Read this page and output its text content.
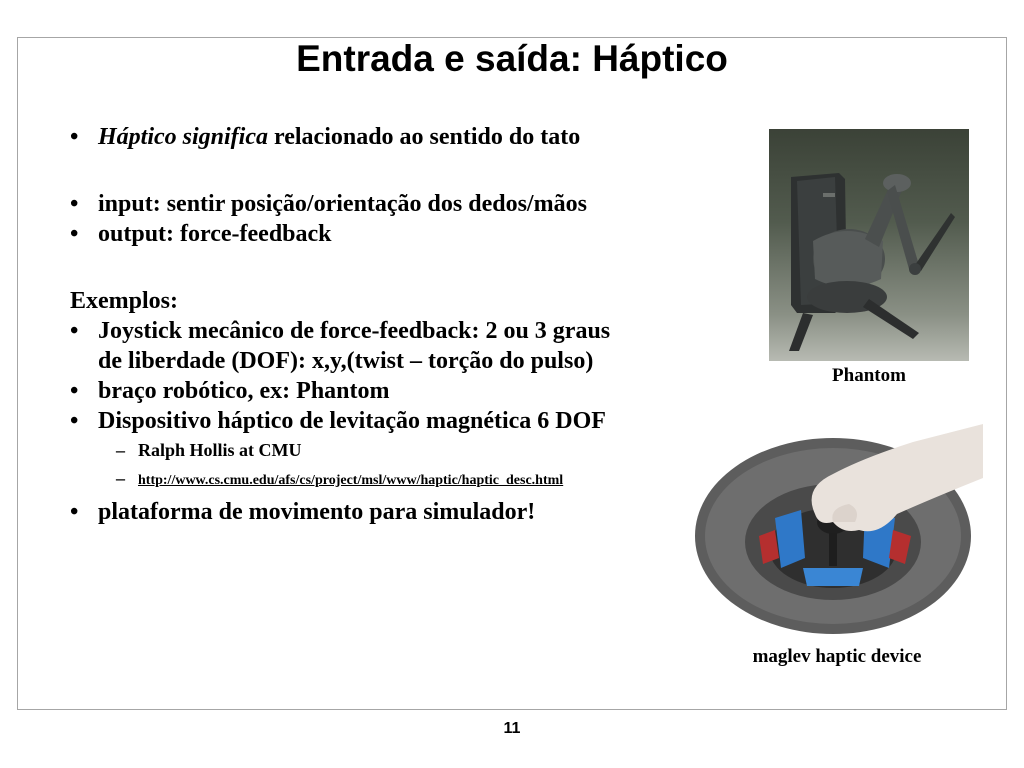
Entrada e saída: Háptico
• Háptico significa relacionado ao sentido do tato
• input: sentir posição/orientação dos dedos/mãos
• output: force-feedback
Exemplos:
• Joystick mecânico de force-feedback: 2 ou 3 graus
de liberdade (DOF): x,y,(twist – torção do pulso)
• braço robótico, ex: Phantom
• Dispositivo háptico de levitação magnética 6 DOF
– Ralph Hollis at CMU
– http://www.cs.cmu.edu/afs/cs/project/msl/www/haptic/haptic_desc.html
• plataforma de movimento para simulador!
Phantom
maglev haptic device
11
